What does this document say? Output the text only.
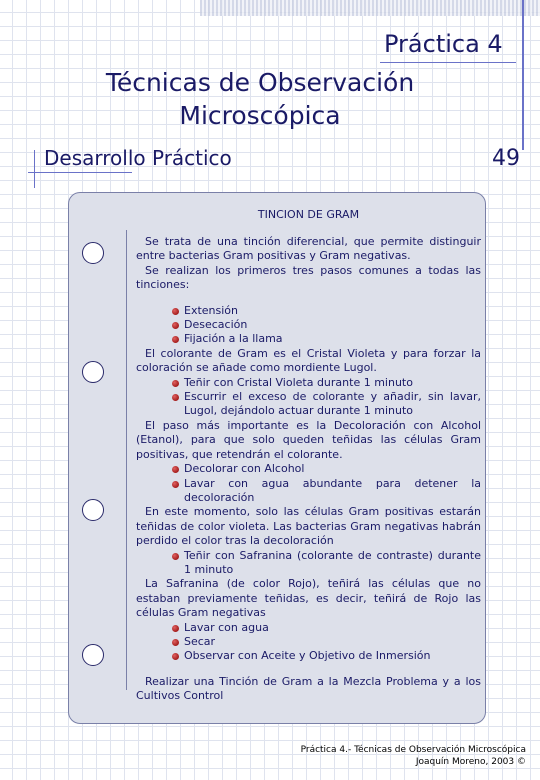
Práctica 4
Técnicas de Observación
Microscópica
Desarrollo Práctico	49
TINCION DE GRAM

Se trata de una tinción diferencial, que permite distinguir entre bacterias Gram positivas y Gram negativas.

Se realizan los primeros tres pasos comunes a todas las tinciones:

Extensión
Desecación
Fijación a la llama

El colorante de Gram es el Cristal Violeta y para forzar la coloración se añade como mordiente Lugol.

Teñir con Cristal Violeta durante 1 minuto
Escurrir el exceso de colorante y añadir, sin lavar, Lugol, dejándolo actuar durante 1 minuto

El paso más importante es la Decoloración con Alcohol (Etanol), para que solo queden teñidas las células Gram positivas, que retendrán el colorante.

Decolorar con Alcohol
Lavar con agua abundante para detener la decoloración

En este momento, solo las células Gram positivas estarán teñidas de color violeta. Las bacterias Gram negativas habrán perdido el color tras la decoloración

Teñir con Safranina (colorante de contraste) durante 1 minuto

La Safranina (de color Rojo), teñirá las células que no estaban previamente teñidas, es decir, teñirá de Rojo las células Gram negativas

Lavar con agua
Secar
Observar con Aceite y Objetivo de Inmersión

Realizar una Tinción de Gram a la Mezcla Problema y a los Cultivos Control

Práctica 4.- Técnicas de Observación Microscópica
Joaquín Moreno, 2003 ©
